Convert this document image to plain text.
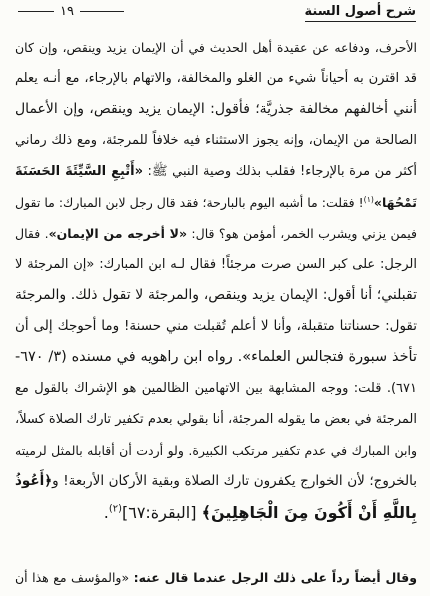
شرح أصول السنة
١٩
الأحرف، ودفاعه عن عقيدة أهل الحديث في أن الإيمان يزيد وينقص، وإن كان
قد اقترن به أحياناً شيء من الغلو والمخالفة، والاتهام بالإرجاء، مع أنـه يعلم
أنني أخالفهم مخالفة جذريَّة؛ فأقول: الإيمان يزيد وينقص، وإن الأعمال
الصالحة من الإيمان، وإنه يجوز الاستثناء فيه خلافاً للمرجئة، ومع ذلك رماني
أكثر من مرة بالإرجاء! فقلب بذلك وصية النبي ﷺ: «أَتْبِعِ السَّيِّئَةَ الحَسَنَةَ
تَمْحُهَا»$^{(١)}$! فقلت: ما أشبه اليوم بالبارحة؛ فقد قال رجل لابن المبارك: ما تقول
فيمن يزني ويشرب الخمر، أمؤمن هو؟ قال: «لا أخرجه من الإيمان». فقال
الرجل: على كبر السن صرت مرجئاً! فقال لـه ابن المبارك: «إن المرجئة لا
تقبلني؛ أنا أقول: الإيمان يزيد وينقص، والمرجئة لا تقول ذلك. والمرجئة
تقول: حسناتنا متقبلة، وأنا لا أعلم تُقبلت مني حسنة! وما أحوجك إلى أن
تأخذ سبورة فتجالس العلماء». رواه ابن راهويه في مسنده (٣/ ٦٧٠-
٦٧١). قلت: ووجه المشابهة بين الاتهامين الظالمين هو الإشراك بالقول مع
المرجئة في بعض ما يقوله المرجئة، أنا بقولي بعدم تكفير تارك الصلاة كسلاً،
وابن المبارك في عدم تكفير مرتكب الكبيرة. ولو أردت أن أقابله بالمثل لرميته
بالخروج؛ لأن الخوارج يكفرون تارك الصلاة وبقية الأركان الأربعة! و﴿أَعُوذُ
بِاللَّهِ أَنْ أَكُونَ مِنَ الْجَاهِلِينَ﴾ [البقرة:٦٧]$^{(٢)}$.
وقال أيضاً رداً على ذلك الرجل عندما قال عنه: «والمؤسف مع هذا أن
